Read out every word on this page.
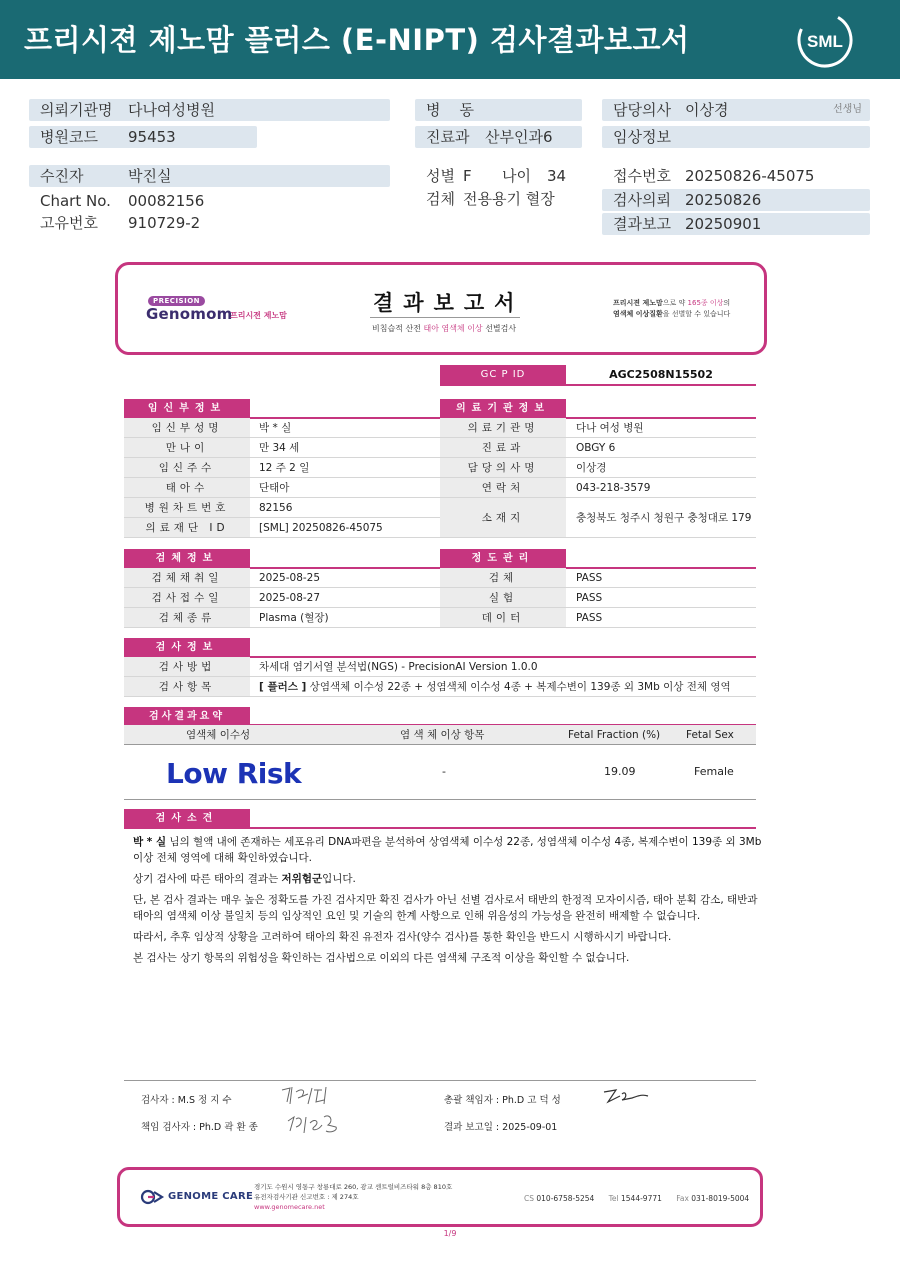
프리시젼 제노맘 플러스 (E-NIPT) 검사결과보고서	SML
의뢰기관명 다나여성병원
병원코드 95453
병    동
진료과 산부인과6
담당의사 이상경	선생님
임상정보
수진자	박진실
Chart No. 00082156
고유번호 910729-2
성별 F 나이 34
검체 전용용기 혈장
접수번호 20250826-45075
검사의뢰 20250826
결과보고 20250901
PRECISION
Genomom
프리시젼 제노맘
결과보고서
비침습적 산전 태아 염색체 이상 선별검사
프리시젼 제노맘으로 약 165종 이상의
염색체 이상질환을 선별할 수 있습니다
GC P ID	AGC2508N15502
임신부정보	의료기관정보
임신부성명	박 * 실
만나이	만 34 세
임신주수	12 주 2 일
태아수	단태아
병원차트번호	82156
의료재단 ID	[SML] 20250826-45075
의료기관명	다나 여성 병원
진료과	OBGY 6
담당의사명	이상경
연락처	043-218-3579
소재지	충청북도 청주시 청원구 충청대로 179
검체정보	정도관리
검체채취일	2025-08-25
검사접수일	2025-08-27
검체종류	Plasma (혈장)
검체	PASS
실험	PASS
데이터	PASS
검사정보
검사방법	차세대 염기서열 분석법(NGS) - PrecisionAI Version 1.0.0
검사항목	[ 플러스 ] 상염색체 이수성 22종 + 성염색체 이수성 4종 + 복제수변이 139종 외 3Mb 이상 전체 영역
검사결과요약
염색체 이수성	염 색 체 이상 항목	Fetal Fraction (%) Fetal Sex
Low Risk	-	19.09	Female
검사소견

박 * 실 님의 혈액 내에 존재하는 세포유리 DNA파편을 분석하여 상염색체 이수성 22종, 성염색체 이수성 4종, 복제수변이 139종 외 3Mb 이상 전체 영역에 대해 확인하였습니다.

상기 검사에 따른 태아의 결과는 저위험군입니다.

단, 본 검사 결과는 매우 높은 정확도를 가진 검사지만 확진 검사가 아닌 선별 검사로서 태반의 한정적 모자이시즘, 태아 분획 감소, 태반과 태아의 염색체 이상 불일치 등의 임상적인 요인 및 기술의 한계 사항으로 인해 위음성의 가능성을 완전히 배제할 수 없습니다.

따라서, 추후 임상적 상황을 고려하여 태아의 확진 유전자 검사(양수 검사)를 통한 확인을 반드시 시행하시기 바랍니다.

본 검사는 상기 항목의 위험성을 확인하는 검사법으로 이외의 다른 염색체 구조적 이상을 확인할 수 없습니다.

검사자 : M.S 정 지 수
책임 검사자 : Ph.D 곽 환 종
총괄 책임자 : Ph.D 고 덕 성
결과 보고일 : 2025-09-01
GENOME CARE
경기도 수원시 영통구 창룡대로 260, 광교 센트럴비즈타워 8층 810호
유전자검사기관 신고번호 : 제 274호
www.genomecare.net
CS 010-6758-5254 Tel 1544-9771 Fax 031-8019-5004
1/9
